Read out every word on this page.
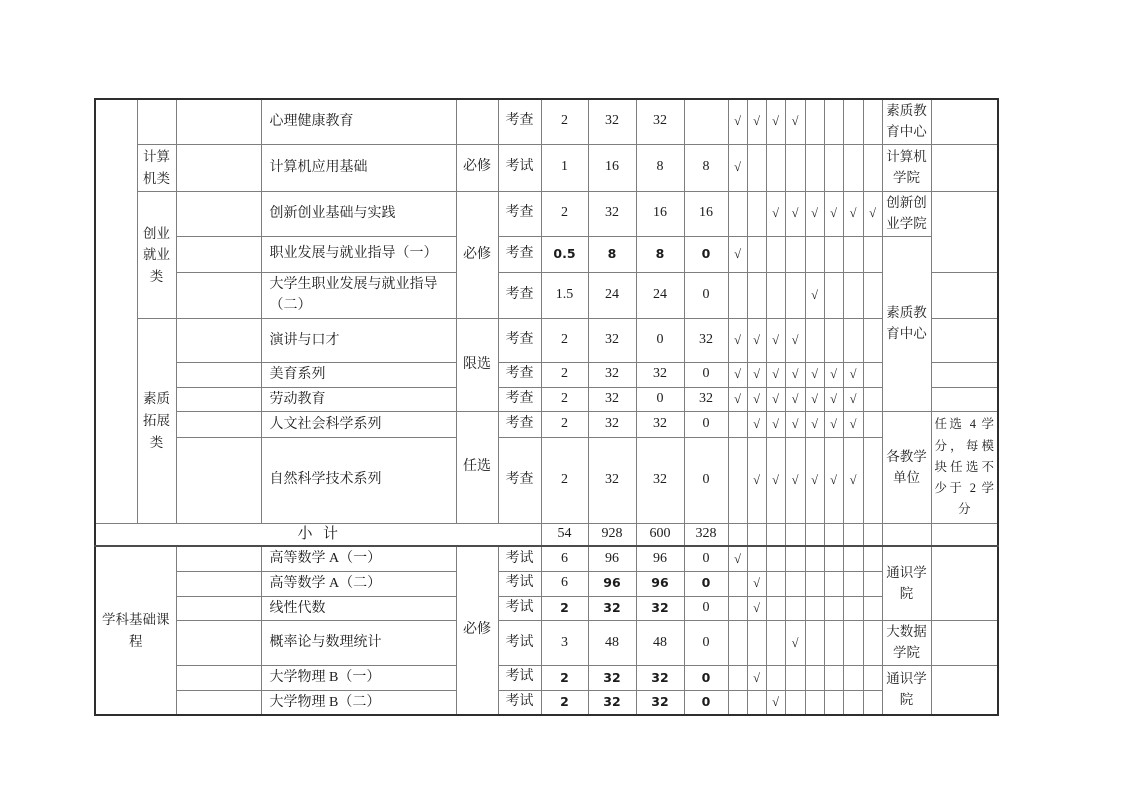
			心理健康教育		考查	2	32	32		√	√	√	√					素质教育中心	
	计算机类		计算机应用基础	必修	考试	1	16	8	8	√								计算机学院	
	创业就业类		创新创业基础与实践	必修	考查	2	32	16	16			√	√	√	√	√	√	创新创业学院	
			职业发展与就业指导（一）		考查	0.5	8	8	0	√								素质教育中心	
			大学生职业发展与就业指导（二）		考查	1.5	24	24	0					√					
	素质拓展类		演讲与口才	限选	考查	2	32	0	32	√	√	√	√						
			美育系列		考查	2	32	32	0	√	√	√	√	√	√	√			
			劳动教育		考查	2	32	0	32	√	√	√	√	√	√	√			
			人文社会科学系列	任选	考查	2	32	32	0		√	√	√	√	√	√		各教学单位	任选 4 学分，每模块任选不少于 2 学分
			自然科学技术系列		考查	2	32	32	0		√	√	√	√	√	√			
小  计						54	928	600	328										
学科基础课程			高等数学 A（一）	必修	考试	6	96	96	0	√								通识学院	
			高等数学 A（二）		考试	6	96	96	0		√								
			线性代数		考试	2	32	32	0		√								
			概率论与数理统计		考试	3	48	48	0				√					大数据学院	
			大学物理 B（一）		考试	2	32	32	0		√							通识学院	
			大学物理 B（二）		考试	2	32	32	0			√							
